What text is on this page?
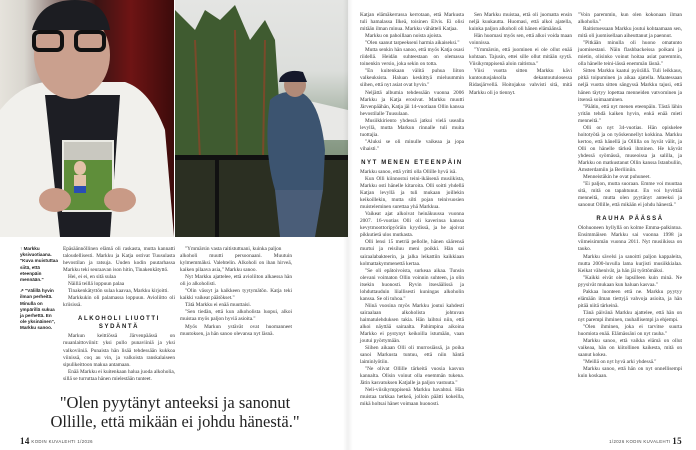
↑ Markku yksivuotiaana. "Kuva muistuttaa siitä, että eteenpäin mennään."

↗ "Välillä hyvin ilman perheitä. Minulla on ympärillä sukua ja perhettä. En ole yksinäinen", Markku sanoo.

Epäsäännöllinen elämä oli raskasta, mutta kannatti taloudellisesti. Markku ja Katja ostivat Tuusulasta hevostilan ja ratsuja. Uuden kodin puutarhassa Markku teki seuraavan ison hitin, Tinakenkätyttö.

Hei, ei ei, en sitä sulaa

Näillä teillä loppuun palaa

Tinakenkätyttön sulaa kaavaa, Markku kirjoitti.

Markkukin oli palamassa loppuun. Avioliitto oli kriisissä.

ALKOHOLI LIUOTTI SYDÄNTÄ

Markun keittiössä Järvenpäässä on ruuanlaittoviinit: yksi pullo punaviiniä ja yksi valkoviiniä. Punaista hän lisää tehdessään kukkoa viinissä, coq au vin, ja valkoista ranskalaiseen sipulikeittoon makua antamaan.

Enää Markku ei kuitenkaan halua juoda alkoholia, sillä se turruttaa hänen mielestään tunteet.

"Ymmärsin vasta raitistuttuani, kuinka paljon

alkoholi muutti persoonaani. Muutuin kylmemmäksi. Valehtelin. Alkoholi on ihan hirveä, kaiken pilaava asia," Markku sanoo.

Nyt Markku ajattelee, että avioliiton alkaessa hän oli jo alkoholisti.

"Olin vässyt ja kaikkeen tyytymätön. Katja teki kaikki vaikeat päätökset."

Tätä Markku ei enää muuttaisi.

"Sen tiedän, että kun alkoholista luopui, alkoi muistaa myös paljon hyviä asioita."

Myös Markun ystävät ovat huomanneet muutoksen, ja hän sanoo olevansa nyt läsnä.

Katjan elämäkerrassa kerrotaan, että Markusta tuli hamalassa Ilkeä, toisinen Elvis. Ei olisi mitään ilman minua. Markku vähätteli Katjaa.

Markku on pahoillaan noista ajoista.

"Olen saanut tarpeekseni harmia aikaiseksi."

Mutta senkin hän sanoo, että myös Katja osasi riidellä. Heidän suhteestaan on olemassa toinenkin versio, joka sekin on totta.

"En kuitenkaan välitä puhua liiton valkeuksista. Haluan keskittyä mieluummin siihen, että nyt asiat ovat hyvin."

Neljättä albumia tehdessään vuonna 2006 Markku ja Katja erosivat. Markku muutti Järvenpäähän, Katja jäi 14-vuotiaan Ollin kanssa hevostilalle Tuusulaan.

Musiikkiriento yhdessä jatkui vielä usealla levyllä, mutta Markun rinnalle tuli muita tuottajia.

"Aluksi se oli minulle vaikeaa ja jopa vihaisti."

NYT MENEN ETEENPÄIN

Markku sanoo, että yritti olla Ollille hyvä isä.

Kun Olli kiinnostui teini-ikäisenä musiikista, Markku osti hänelle kitaroita. Olli soitti yhdellä Katjan levyllä ja tuli mukaan joillekin keikoillekin, mutta silti pojan teinivuosien muisteleminen surettaa yhä Markkua.

Vaikeat ajat alkoivat heinäkuussa vuonna 2007. 16-vuotias Olli oli kaverinsa kanssa kevytmoottoripyöräin kyydissä, ja he ajoivat pikkutietä ulos mutkasta.

Olli lensi 15 metriä pellolle, hänen säärensä murtui ja reisiluu meni poikki. Hän sai sairaalabakteerin, ja jalka leikattiin kaikkiaan kolmattakymmenettä kertaa.

"Se oli epätoivoista, surkeaa aikaa. Tunsin olevani voimaton Ollin voinnin suhteen, ja olin itsekin huonosti. Ryvin itsesäälissä ja lohduttauduin liiallisesti kuningas alkoholin kanssa. Se oli tuhoa."

Niinä vuosina myös Markku joutui kahdesti sairaalaan alkoholista johtuvan haimatulehduksen takia. Hän laihtui niin, että alkoi näyttää sairaalta. Pahimpina aikoina Markko ei pystynyt keikoilla istumään, vaan joutui pyörtymään.

Siihen aikaan Olli oli murrosiässä, ja poika sanoi Markusta tuntuu, että niin häntä laiminlyötiin.

"Ne olivat Ollille tärkeitä vuosia kasvun kannalta. Olisin voinut olla enemmän tukena. Jätin kasvatuksen Katjalle ja paljon vastuuta."

Neli-viisikymppisenä Markku havahtui. Hän muistaa tarkkaa hetkeä, jolloin päätti kokeilla, mikä holtsai hänet voimaan huonosti.

Sen Markku muistaa, että oli juomatta ensin neljä kuukautta. Huomasi, että alkoi ajatella, kuinka paljon alkoholi oli hänen elämäänsä.

Hän huomasi myös sen, että alkoi voida maan voinnissa.

"Ymmärsin, että juominen ei ole ollut enää kohtaan. Tajusin, ettei sille ollut mitään syytä. Viisikymppisenä aloin raitistua."

Viisi vuotta sitten Markku kävi kuntoutusjaksolla dekantoutulosessa Ridasjärvellä. Hoitojakso vahvisti sitä, mitä Markku oli jo tiennyt.

"Voin paremmin, kun olen kokonaan ilman alkoholia."

Raitistuessaan Markku joutui kohtaamaan sen, mitä oli juomisellaan aiheuttanut ja paennut.

"Pitkään minulla oli huono omatunto juomisestani. Näin flashbackeissa poikani ja mietin, olisinko voinut hoitaa asiat paremmin, olla hänelle teini-iässä enemmän läsnä."

Sitten Markku kaatui pyörällä. Tuli leikkaus, pitkä toipuminen ja aikaa ajatella. Maatessaan neljä vuotta sitten sängyssä Markku tajusi, että hänen täytyy lopettaa menneiden vatvominen ja itsensä soimaaminen.

"Päätin, että nyt menen eteenpäin. Tästä lähin yritän tehdä kaiken hyvin, enkä enää mieti menneitä."

Olli on nyt 34-vuotias. Hän opiskelee hoitotyötä ja on työskennellyt kokkina. Markku kertoo, että hänellä ja Ollilla on hyvät välit, ja Olli on hänelle tärkeä ihminen. He käyvät yhdessä syömässä, museoissa ja salilla, ja Markku on matkustanut Ollin kanssa Istanbuliin, Amsterdamiin ja Berliiniin.

Menneistäkin he ovat puhuneet.

"Ei paljon, mutta suoraan. Emme voi muuttaa sitä, mitä on tapahtunut. En voi hyvittää menneitä, mutta olen pyytänyt anteeksi ja sanonut Ollille, että mikään ei johdu hänestä."

RAUHA PÄÄSSÄ

Olohuoneen hyllyllä on kolme Emma-palkintoa. Ensimmäisen Markku sai vuonna 1998 ja viimeisimmän vuonna 2011. Nyt musiikissa on tauko.

Markku sävelsi ja sanoitti paljon kappaleita, mutta 2000-luvulla lama kurjisti musiikkialaa. Keikat vähenivät, ja hän jäi työttömäksi.

"Kaikki eivät ole lapsilleen kuin minä. Ne pyysivät mukaan kun haluan kasvaa."

Pakkaa luonteen että ne. Markku pyytyy elämään ilman tiettyjä vahvoja asioita, ja hän pitää niitä tärkeinä.

Tänä päivänä Markku ajattelee, että hän on nyt parempi ihminen, rauhallisempi ja ehjempi.

"Olen ihminen, joka ei tarvitse suurta huomiota enää. Elämässäni on nyt rauha."

Markku sanoo, että vaikka elämä on ollut vaikeaa, hän on kiitollinen kaikesta, mitä on saanut kokea.

"Meillä on nyt hyvä arki yhdessä."

Markku sanoo, että hän on nyt onnellisempi kuin koskaan.

"Olen pyytänyt anteeksi ja sanonut Ollille, että mikään ei johdu hänestä."
14 KODIN KUVALEHTI 1/2026	1/2026 KODIN KUVALEHTI 15
